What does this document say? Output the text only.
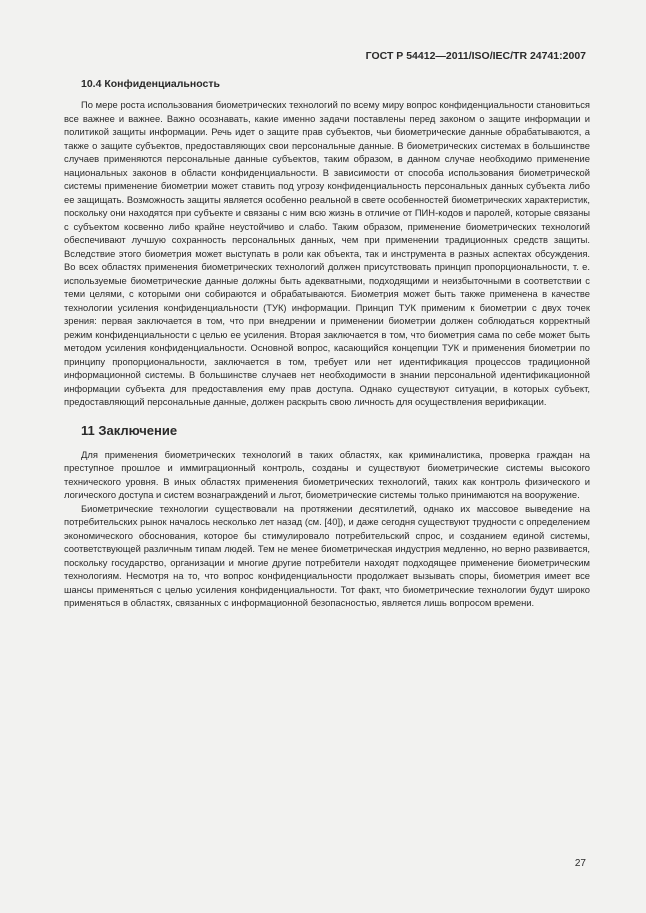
ГОСТ Р 54412—2011/ISO/IEC/TR 24741:2007
10.4 Конфиденциальность

По мере роста использования биометрических технологий по всему миру вопрос конфиденциальности становиться все важнее и важнее. Важно осознавать, какие именно задачи поставлены перед законом о защите информации и политикой защиты информации. Речь идет о защите прав субъектов, чьи биометрические данные обрабатываются, а также о защите субъектов, предоставляющих свои персональные данные. В биометрических системах в большинстве случаев применяются персональные данные субъектов, таким образом, в данном случае необходимо применение национальных законов в области конфиденциальности. В зависимости от способа использования биометрической системы применение биометрии может ставить под угрозу конфиденциальность персональных данных субъекта либо ее защищать. Возможность защиты является особенно реальной в свете особенностей биометрических характеристик, поскольку они находятся при субъекте и связаны с ним всю жизнь в отличие от ПИН-кодов и паролей, которые связаны с субъектом косвенно либо крайне неустойчиво и слабо. Таким образом, применение биометрических технологий обеспечивают лучшую сохранность персональных данных, чем при применении традиционных средств защиты. Вследствие этого биометрия может выступать в роли как объекта, так и инструмента в разных аспектах обсуждения. Во всех областях применения биометрических технологий должен присутствовать принцип пропорциональности, т. е. используемые биометрические данные должны быть адекватными, подходящими и неизбыточными в соответствии с теми целями, с которыми они собираются и обрабатываются. Биометрия может быть также применена в качестве технологии усиления конфиденциальности (ТУК) информации. Принцип ТУК применим к биометрии с двух точек зрения: первая заключается в том, что при внедрении и применении биометрии должен соблюдаться корректный режим конфиденциальности с целью ее усиления. Вторая заключается в том, что биометрия сама по себе может быть методом усиления конфиденциальности. Основной вопрос, касающийся концепции ТУК и применения биометрии по принципу пропорциональности, заключается в том, требует или нет идентификация процессов традиционной информационной системы. В большинстве случаев нет необходимости в знании персональной идентификационной информации субъекта для предоставления ему прав доступа. Однако существуют ситуации, в которых субъект, предоставляющий персональные данные, должен раскрыть свою личность для осуществления верификации.

11 Заключение

Для применения биометрических технологий в таких областях, как криминалистика, проверка граждан на преступное прошлое и иммиграционный контроль, созданы и существуют биометрические системы высокого технического уровня. В иных областях применения биометрических технологий, таких как контроль физического и логического доступа и систем вознаграждений и льгот, биометрические системы только принимаются на вооружение.

Биометрические технологии существовали на протяжении десятилетий, однако их массовое выведение на потребительских рынок началось несколько лет назад (см. [40]), и даже сегодня существуют трудности с определением экономического обоснования, которое бы стимулировало потребительский спрос, и созданием единой системы, соответствующей различным типам людей. Тем не менее биометрическая индустрия медленно, но верно развивается, поскольку государство, организации и многие другие потребители находят подходящее применение биометрическим технологиям. Несмотря на то, что вопрос конфиденциальности продолжает вызывать споры, биометрия имеет все шансы применяться с целью усиления конфиденциальности. Тот факт, что биометрические технологии будут широко применяться в областях, связанных с информационной безопасностью, является лишь вопросом времени.

27
